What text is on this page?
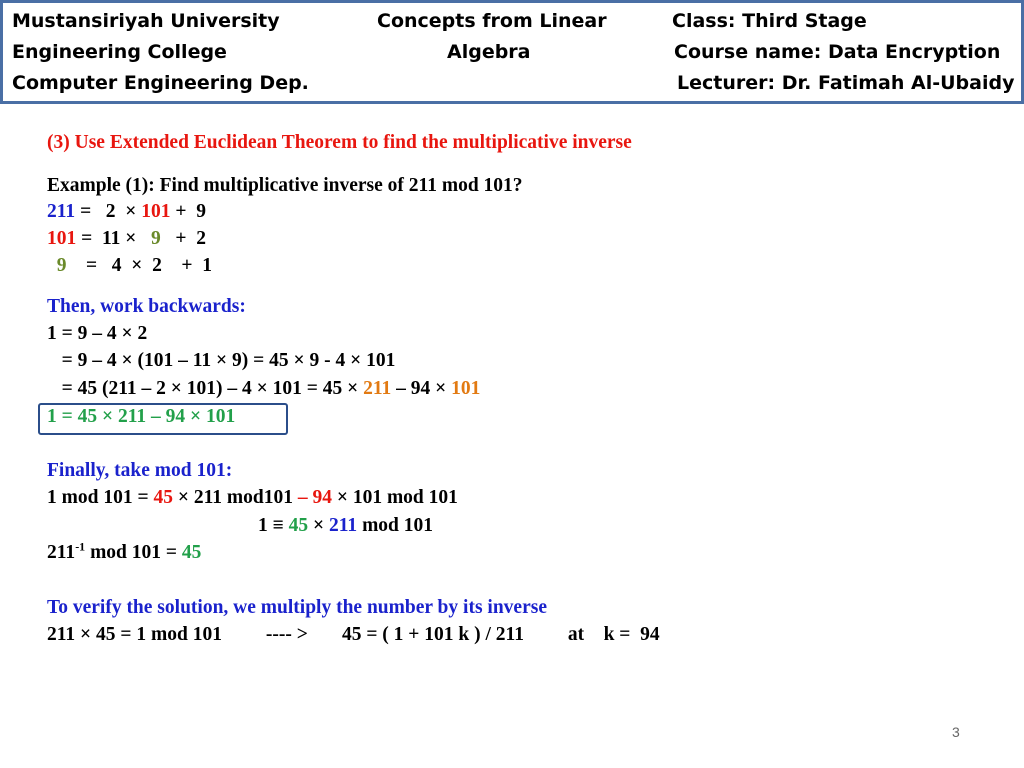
Mustansiriyah University
Engineering College
Computer Engineering Dep.
Concepts from Linear
Algebra
Class: Third Stage
Course name: Data Encryption
Lecturer: Dr. Fatimah Al-Ubaidy
(3) Use Extended Euclidean Theorem to find the multiplicative inverse
Example (1): Find multiplicative inverse of 211 mod 101?
211 =   2  × 101 +  9
101 =  11 ×   9   +  2
9    =   4  ×  2    +  1
Then, work backwards:
1 = 9 – 4 × 2
= 9 – 4 × (101 – 11 × 9) = 45 × 9 - 4 × 101
= 45 (211 – 2 × 101) – 4 × 101 = 45 × 211 – 94 × 101
1 = 45 × 211 – 94 × 101
Finally, take mod 101:
1 mod 101 = 45 × 211 mod101 – 94 × 101 mod 101
1 ≡ 45 × 211 mod 101
$211^{-1}$ mod 101 = 45
To verify the solution, we multiply the number by its inverse
211 × 45 = 1 mod 101         ---- >       45 = ( 1 + 101 k ) / 211         at    k =  94
3
